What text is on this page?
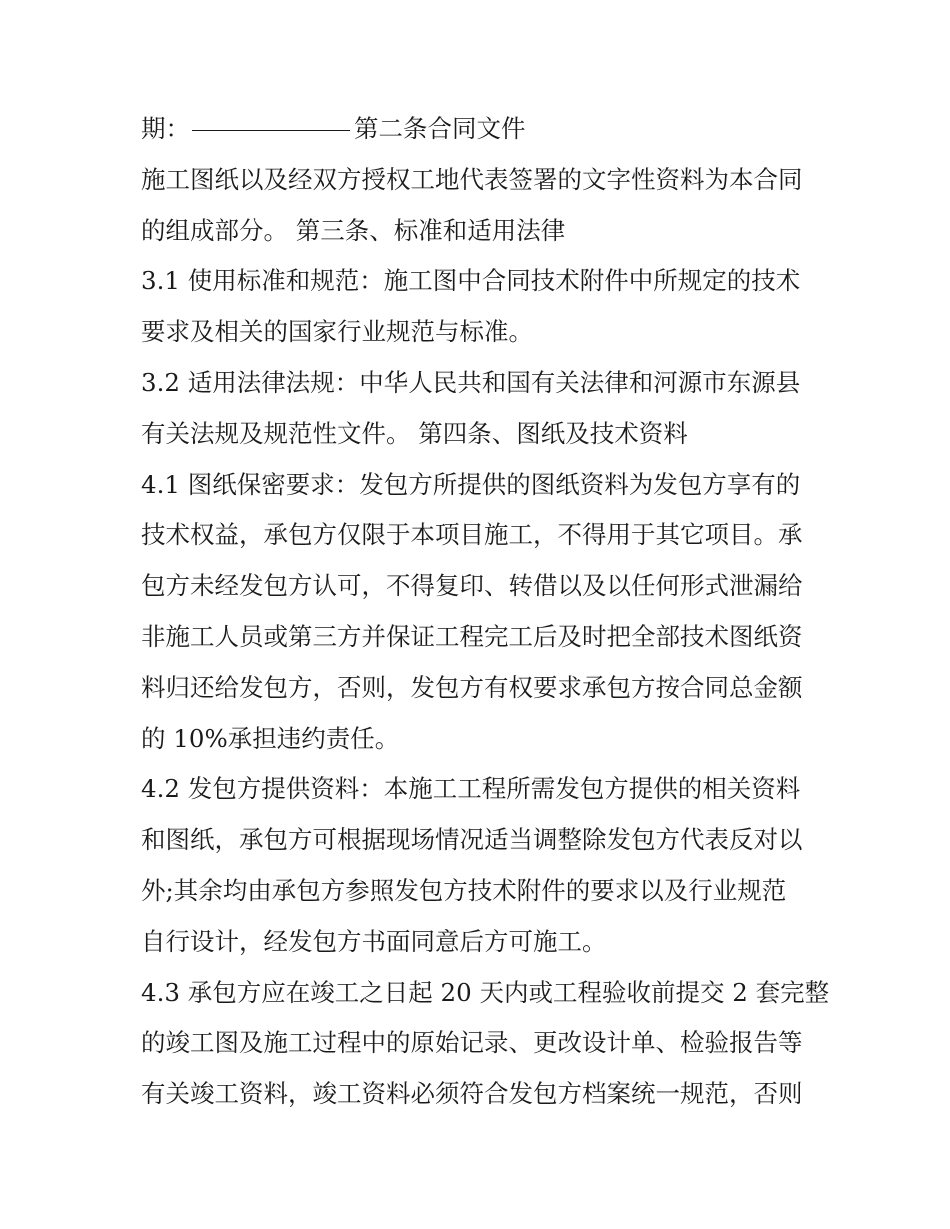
期：	第二条合同文件
施工图纸以及经双方授权工地代表签署的文字性资料为本合同
的组成部分。 第三条、标准和适用法律
3.1 使用标准和规范：施工图中合同技术附件中所规定的技术
要求及相关的国家行业规范与标准。
3.2 适用法律法规：中华人民共和国有关法律和河源市东源县
有关法规及规范性文件。 第四条、图纸及技术资料
4.1 图纸保密要求：发包方所提供的图纸资料为发包方享有的
技术权益，承包方仅限于本项目施工，不得用于其它项目。承
包方未经发包方认可，不得复印、转借以及以任何形式泄漏给
非施工人员或第三方并保证工程完工后及时把全部技术图纸资
料归还给发包方，否则，发包方有权要求承包方按合同总金额
的 10%承担违约责任。
4.2 发包方提供资料：本施工工程所需发包方提供的相关资料
和图纸，承包方可根据现场情况适当调整除发包方代表反对以
外;其余均由承包方参照发包方技术附件的要求以及行业规范
自行设计，经发包方书面同意后方可施工。
4.3 承包方应在竣工之日起 20 天内或工程验收前提交 2 套完整
的竣工图及施工过程中的原始记录、更改设计单、检验报告等
有关竣工资料，竣工资料必须符合发包方档案统一规范，否则
